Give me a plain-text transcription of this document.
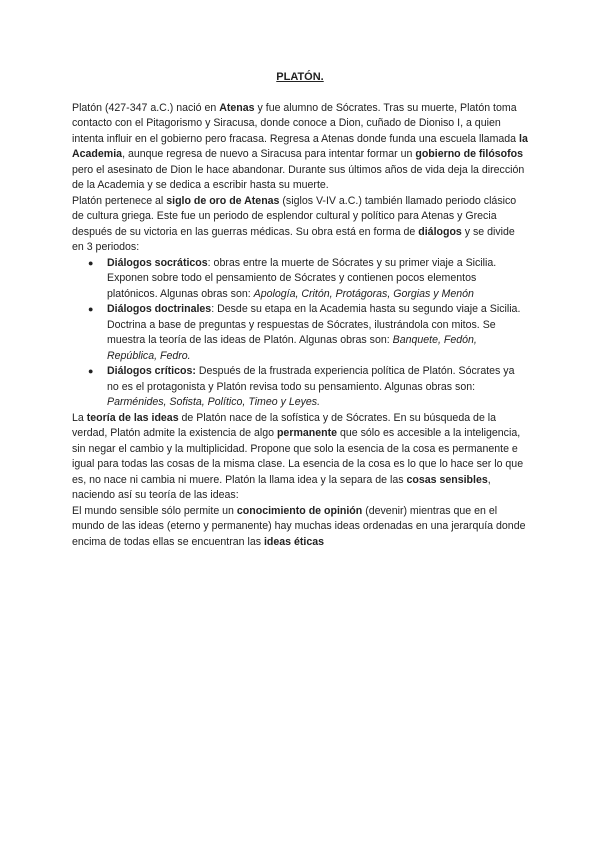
PLATÓN.

Platón (427-347 a.C.) nació en Atenas y fue alumno de Sócrates. Tras su muerte, Platón toma contacto con el Pitagorismo y Siracusa, donde conoce a Dion, cuñado de Dioniso I, a quien intenta influir en el gobierno pero fracasa. Regresa a Atenas donde funda una escuela llamada la Academia, aunque regresa de nuevo a Siracusa para intentar formar un gobierno de filósofos pero el asesinato de Dion le hace abandonar. Durante sus últimos años de vida deja la dirección de la Academia y se dedica a escribir hasta su muerte.

Platón pertenece al siglo de oro de Atenas (siglos V-IV a.C.) también llamado periodo clásico de cultura griega. Este fue un periodo de esplendor cultural y político para Atenas y Grecia después de su victoria en las guerras médicas. Su obra está en forma de diálogos y se divide en 3 periodos:

● Diálogos socráticos: obras entre la muerte de Sócrates y su primer viaje a Sicilia. Exponen sobre todo el pensamiento de Sócrates y contienen pocos elementos platónicos. Algunas obras son: Apología, Critón, Protágoras, Gorgias y Menón
● Diálogos doctrinales: Desde su etapa en la Academia hasta su segundo viaje a Sicilia. Doctrina a base de preguntas y respuestas de Sócrates, ilustrándola con mitos. Se muestra la teoría de las ideas de Platón. Algunas obras son: Banquete, Fedón, República, Fedro.
● Diálogos críticos: Después de la frustrada experiencia política de Platón. Sócrates ya no es el protagonista y Platón revisa todo su pensamiento. Algunas obras son: Parménides, Sofista, Político, Timeo y Leyes.

La teoría de las ideas de Platón nace de la sofística y de Sócrates. En su búsqueda de la verdad, Platón admite la existencia de algo permanente que sólo es accesible a la inteligencia, sin negar el cambio y la multiplicidad. Propone que solo la esencia de la cosa es permanente e igual para todas las cosas de la misma clase. La esencia de la cosa es lo que lo hace ser lo que es, no nace ni cambia ni muere. Platón la llama idea y la separa de las cosas sensibles, naciendo así su teoría de las ideas:

El mundo sensible sólo permite un conocimiento de opinión (devenir) mientras que en el mundo de las ideas (eterno y permanente) hay muchas ideas ordenadas en una jerarquía donde encima de todas ellas se encuentran las ideas éticas
